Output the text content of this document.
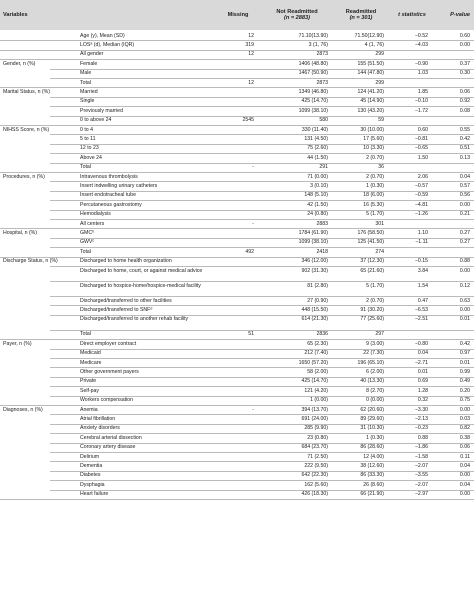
Variables	Missing
Not Readmitted
(n = 2883)
Readmitted
(n = 301)
t statistics	P-value
Age (y), Mean (SD)	12	71.10(13.90)	71.50(12.90)	−0.52	0.60
LOSᵃ (d), Median (IQR)	319	3 (1, 76)	4 (1, 76)	−4.03	0.00
All gender	12	2873	299
Gender, n (%)	Female	1406 (48.80)	155 (51.50)	−0.90	0.37
Male	1467 (50.90)	144 (47.80)	1.03	0.30
Total	12	2873	299
Marital Status, n (%)	Married	1349 (46.80)	124 (41.20)	1.85	0.06
Single	425 (14.70)	45 (14.90)	−0.10	0.92
Previously married	1099 (38.10)	130 (43.20)	−1.72	0.08
0 to above 24	2545	580	59
NIHSS Score, n (%)	0 to 4	330 (11.40)	30 (10.00)	0.60	0.55
5 to 11	131 (4.50)	17 (5.60)	−0.81	0.42
12 to 23	75 (2.60)	10 (3.30)	−0.65	0.51
Above 24	44 (1.50)	2 (0.70)	1.50	0.13
Total	-	291	36
Procedures, n (%)	Intravenous thrombolysis	71 (0.00)	2 (0.70)	2.06	0.04
Insert indwelling urinary catheters	3 (0.10)	1 (0.30)	−0.57	0.57
Insert endotracheal tube	148 (5.10)	18 (6.00)	−0.59	0.56
Percutaneous gastrostomy	42 (1.50)	16 (5.30)	−4.81	0.00
Hemodialysis	24 (0.80)	5 (1.70)	−1.26	0.21
All centers	-	2883	301
Hospital, n (%)	GMCᵇ	1784 (61.90)	176 (58.50)	1.10	0.27
GWVᶜ	1099 (38.10)	125 (41.50)	−1.11	0.27
Total	492	2418	274
Discharge Status, n (%)	Discharged to home health organization	346 (12.00)	37 (12.30)	−0.15	0.88
Discharged to home, court, or against medical advice	902 (31.30)	65 (21.60)	3.84	0.00
Discharged to hospice-home/hospice-medical facility	81 (2.80)	5 (1.70)	1.54	0.12
Discharged/transferred to other facilities	27 (0.90)	2 (0.70)	0.47	0.63
Discharged/transferred to SNFᵈ	448 (15.50)	91 (30.20)	−6.53	0.00
Discharged/transferred to another rehab facility	614 (21.30)	77 (25.60)	−2.51	0.01
Total	51	2836	297
Payer, n (%)	Direct employer contract	65 (2.30)	9 (3.00)	−0.80	0.42
Medicaid	212 (7.40)	22 (7.30)	0.04	0.97
Medicare	1650 (57.20)	196 (65.10)	−2.71	0.01
Other government payers	58 (2.00)	6 (2.00)	0.01	0.99
Private	425 (14.70)	40 (13.30)	0.69	0.49
Self-pay	121 (4.20)	8 (2.70)	1.28	0.20
Workers compensation	1 (0.00)	0 (0.00)	0.32	0.75
Diagnoses, n (%)	Anemia	-	394 (13.70)	62 (20.60)	−3.30	0.00
Atrial fibrillation	691 (24.00)	89 (29.60)	−2.13	0.03
Anxiety disorders	285 (9.90)	31 (10.30)	−0.23	0.82
Cerebral arterial dissection	23 (0.80)	1 (0.30)	0.88	0.38
Coronary artery disease	684 (23.70)	86 (28.60)	−1.86	0.06
Delirium	71 (2.50)	12 (4.00)	−1.58	0.11
Dementia	222 (9.50)	38 (12.60)	−2.07	0.04
Diabetes	642 (22.30)	86 (33.30)	−3.55	0.00
Dysphagia	162 (5.60)	26 (8.60)	−2.07	0.04
Heart failure	426 (18.30)	66 (21.90)	−2.97	0.00
